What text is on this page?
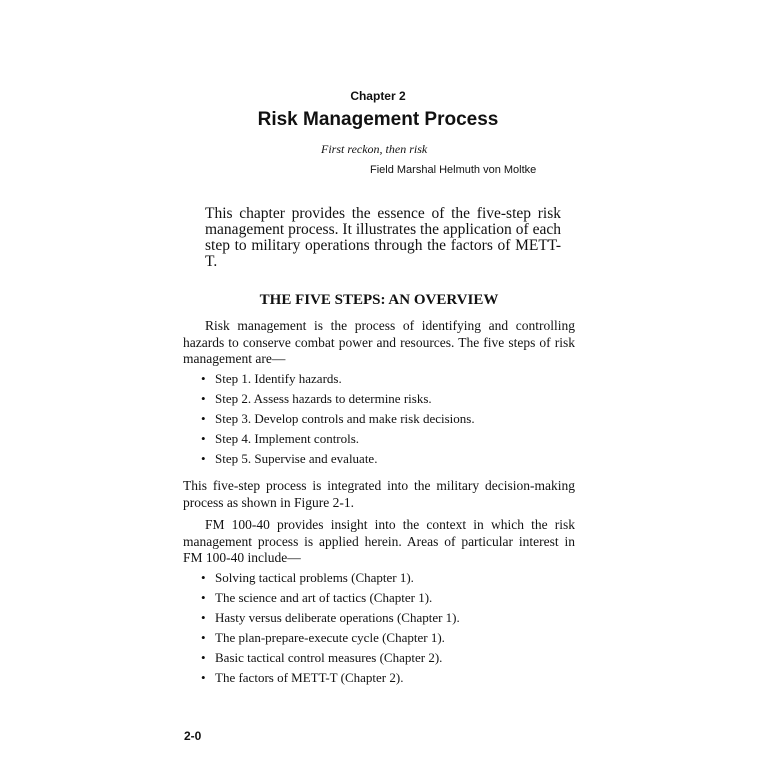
Chapter 2
Risk Management Process
First reckon, then risk
Field Marshal Helmuth von Moltke

This chapter provides the essence of the five-step risk management process. It illustrates the application of each step to military operations through the factors of METT-T.

THE FIVE STEPS: AN OVERVIEW

Risk management is the process of identifying and controlling hazards to conserve combat power and resources. The five steps of risk management are—

• Step 1. Identify hazards.
• Step 2. Assess hazards to determine risks.
• Step 3. Develop controls and make risk decisions.
• Step 4. Implement controls.
• Step 5. Supervise and evaluate.

This five-step process is integrated into the military decision-making process as shown in Figure 2-1.

FM 100-40 provides insight into the context in which the risk management process is applied herein. Areas of particular interest in FM 100-40 include—

• Solving tactical problems (Chapter 1).
• The science and art of tactics (Chapter 1).
• Hasty versus deliberate operations (Chapter 1).
• The plan-prepare-execute cycle (Chapter 1).
• Basic tactical control measures (Chapter 2).
• The factors of METT-T (Chapter 2).
2-0
